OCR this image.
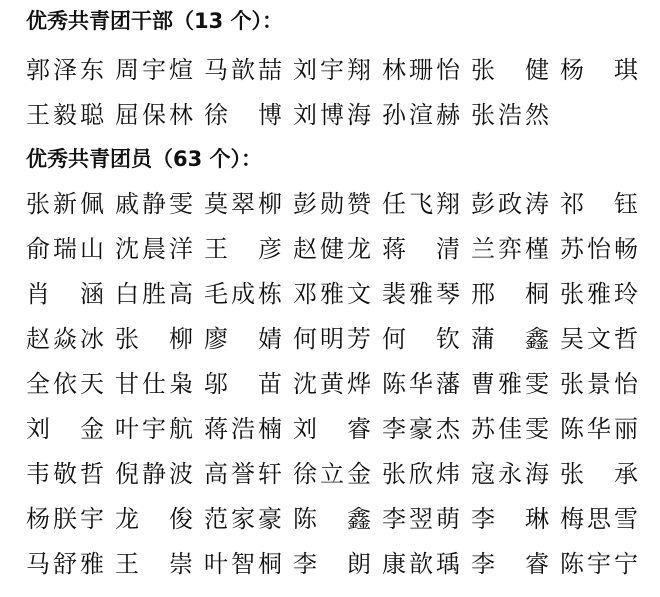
优秀共青团干部（13 个）：
郭 泽 东 周 宇 煊 马 歆 喆 刘 宇 翔 林 珊 怡 张 健 杨 琪
王 毅 聪 屈 保 林 徐 博 刘 博 海 孙 渲 赫 张 浩 然
优秀共青团员（63 个）：
张 新 佩 戚 静 雯 莫 翠 柳 彭 勋 赞 任 飞 翔 彭 政 涛 祁 钰
俞 瑞 山 沈 晨 洋 王 彦 赵 健 龙 蒋 清 兰 弈 槿 苏 怡 畅
肖 涵 白 胜 高 毛 成 栋 邓 雅 文 裴 雅 琴 邢 桐 张 雅 玲
赵 焱 冰 张 柳 廖 婧 何 明 芳 何 钦 蒲 鑫 吴 文 哲
全 依 天 甘 仕 枭 邬 苗 沈 黄 烨 陈 华 藩 曹 雅 雯 张 景 怡
刘 金 叶 宇 航 蒋 浩 楠 刘 睿 李 豪 杰 苏 佳 雯 陈 华 丽
韦 敬 哲 倪 静 波 高 誉 轩 徐 立 金 张 欣 炜 寇 永 海 张 承
杨 朕 宇 龙 俊 范 家 豪 陈 鑫 李 翌 萌 李 琳 梅 思 雪
马 舒 雅 王 崇 叶 智 桐 李 朗 康 歆 瑀 李 睿 陈 宇 宁
